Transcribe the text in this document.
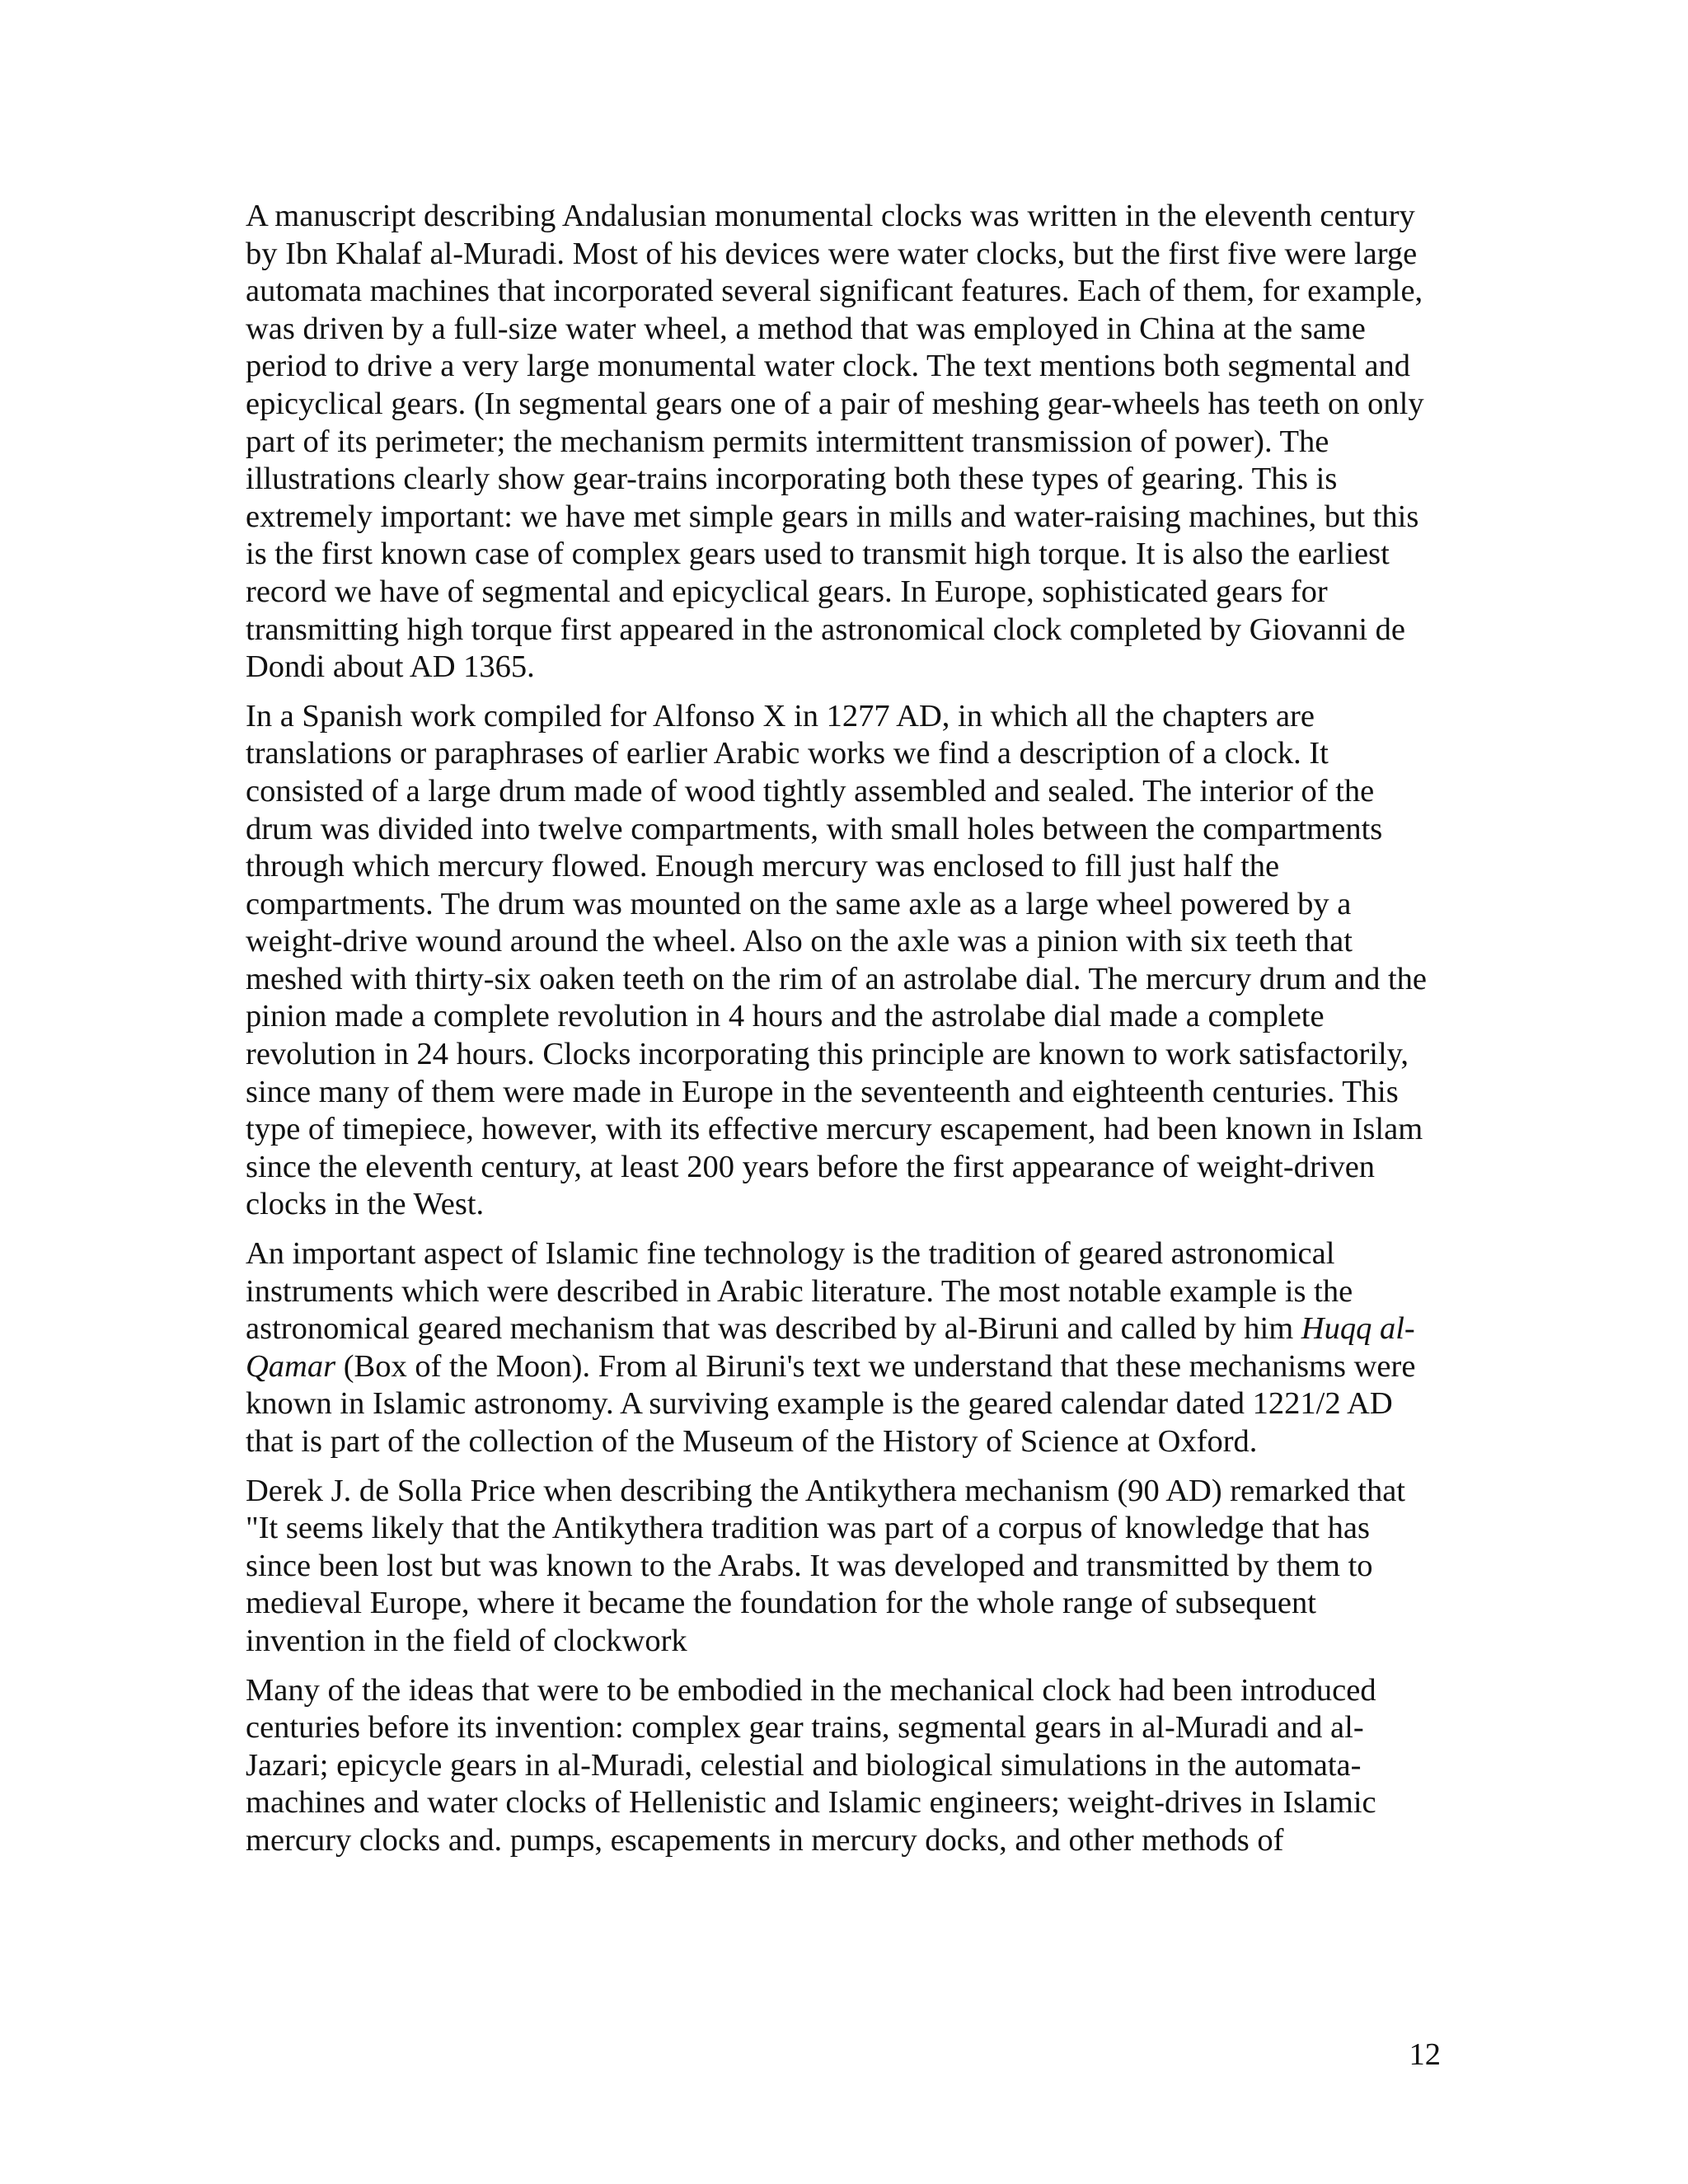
A manuscript describing Andalusian monumental clocks was written in the eleventh century by Ibn Khalaf al-Muradi. Most of his devices were water clocks, but the first five were large automata machines that incorporated several significant features. Each of them, for example, was driven by a full-size water wheel, a method that was employed in China at the same period to drive a very large monumental water clock. The text mentions both segmental and epicyclical gears. (In segmental gears one of a pair of meshing gear-wheels has teeth on only part of its perimeter; the mechanism permits intermittent transmission of power). The illustrations clearly show gear-trains incorporating both these types of gearing. This is extremely important: we have met simple gears in mills and water-raising machines, but this is the first known case of complex gears used to transmit high torque. It is also the earliest record we have of segmental and epicyclical gears. In Europe, sophisticated gears for transmitting high torque first appeared in the astronomical clock completed by Giovanni de Dondi about AD 1365.

In a Spanish work compiled for Alfonso X in 1277 AD, in which all the chapters are translations or paraphrases of earlier Arabic works we find a description of a clock. It consisted of a large drum made of wood tightly assembled and sealed. The interior of the drum was divided into twelve compartments, with small holes between the compartments through which mercury flowed. Enough mercury was enclosed to fill just half the compartments. The drum was mounted on the same axle as a large wheel powered by a weight-drive wound around the wheel. Also on the axle was a pinion with six teeth that meshed with thirty-six oaken teeth on the rim of an astrolabe dial. The mercury drum and the pinion made a complete revolution in 4 hours and the astrolabe dial made a complete revolution in 24 hours. Clocks incorporating this principle are known to work satisfactorily, since many of them were made in Europe in the seventeenth and eighteenth centuries. This type of timepiece, however, with its effective mercury escapement, had been known in Islam since the eleventh century, at least 200 years before the first appearance of weight-driven clocks in the West.

An important aspect of Islamic fine technology is the tradition of geared astronomical instruments which were described in Arabic literature. The most notable example is the astronomical geared mechanism that was described by al-Biruni and called by him Huqq al-Qamar (Box of the Moon). From al Biruni's text we understand that these mechanisms were known in Islamic astronomy. A surviving example is the geared calendar dated 1221/2 AD that is part of the collection of the Museum of the History of Science at Oxford.

Derek J. de Solla Price when describing the Antikythera mechanism (90 AD) remarked that "It seems likely that the Antikythera tradition was part of a corpus of knowledge that has since been lost but was known to the Arabs. It was developed and transmitted by them to medieval Europe, where it became the foundation for the whole range of subsequent invention in the field of clockwork

Many of the ideas that were to be embodied in the mechanical clock had been introduced centuries before its invention: complex gear trains, segmental gears in al-Muradi and al-Jazari; epicycle gears in al-Muradi, celestial and biological simulations in the automata-machines and water clocks of Hellenistic and Islamic engineers; weight-drives in Islamic mercury clocks and. pumps, escapements in mercury docks, and other methods of

12
